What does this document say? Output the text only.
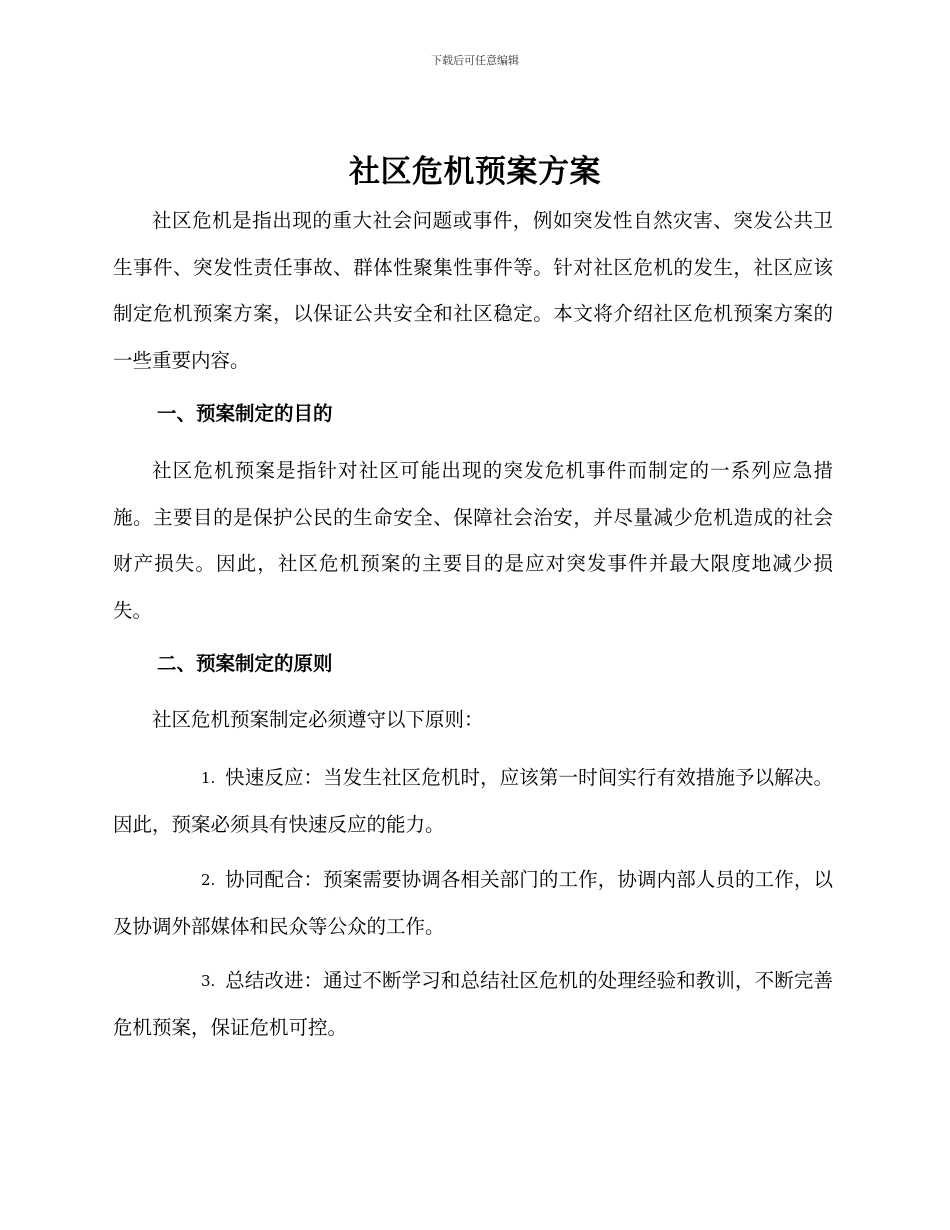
下载后可任意编辑
社区危机预案方案

社区危机是指出现的重大社会问题或事件，例如突发性自然灾害、突发公共卫生事件、突发性责任事故、群体性聚集性事件等。针对社区危机的发生，社区应该制定危机预案方案，以保证公共安全和社区稳定。本文将介绍社区危机预案方案的一些重要内容。

一、预案制定的目的

社区危机预案是指针对社区可能出现的突发危机事件而制定的一系列应急措施。主要目的是保护公民的生命安全、保障社会治安，并尽量减少危机造成的社会财产损失。因此，社区危机预案的主要目的是应对突发事件并最大限度地减少损失。

二、预案制定的原则

社区危机预案制定必须遵守以下原则：

1. 快速反应：当发生社区危机时，应该第一时间实行有效措施予以解决。因此，预案必须具有快速反应的能力。

2. 协同配合：预案需要协调各相关部门的工作，协调内部人员的工作，以及协调外部媒体和民众等公众的工作。

3. 总结改进：通过不断学习和总结社区危机的处理经验和教训，不断完善危机预案，保证危机可控。
